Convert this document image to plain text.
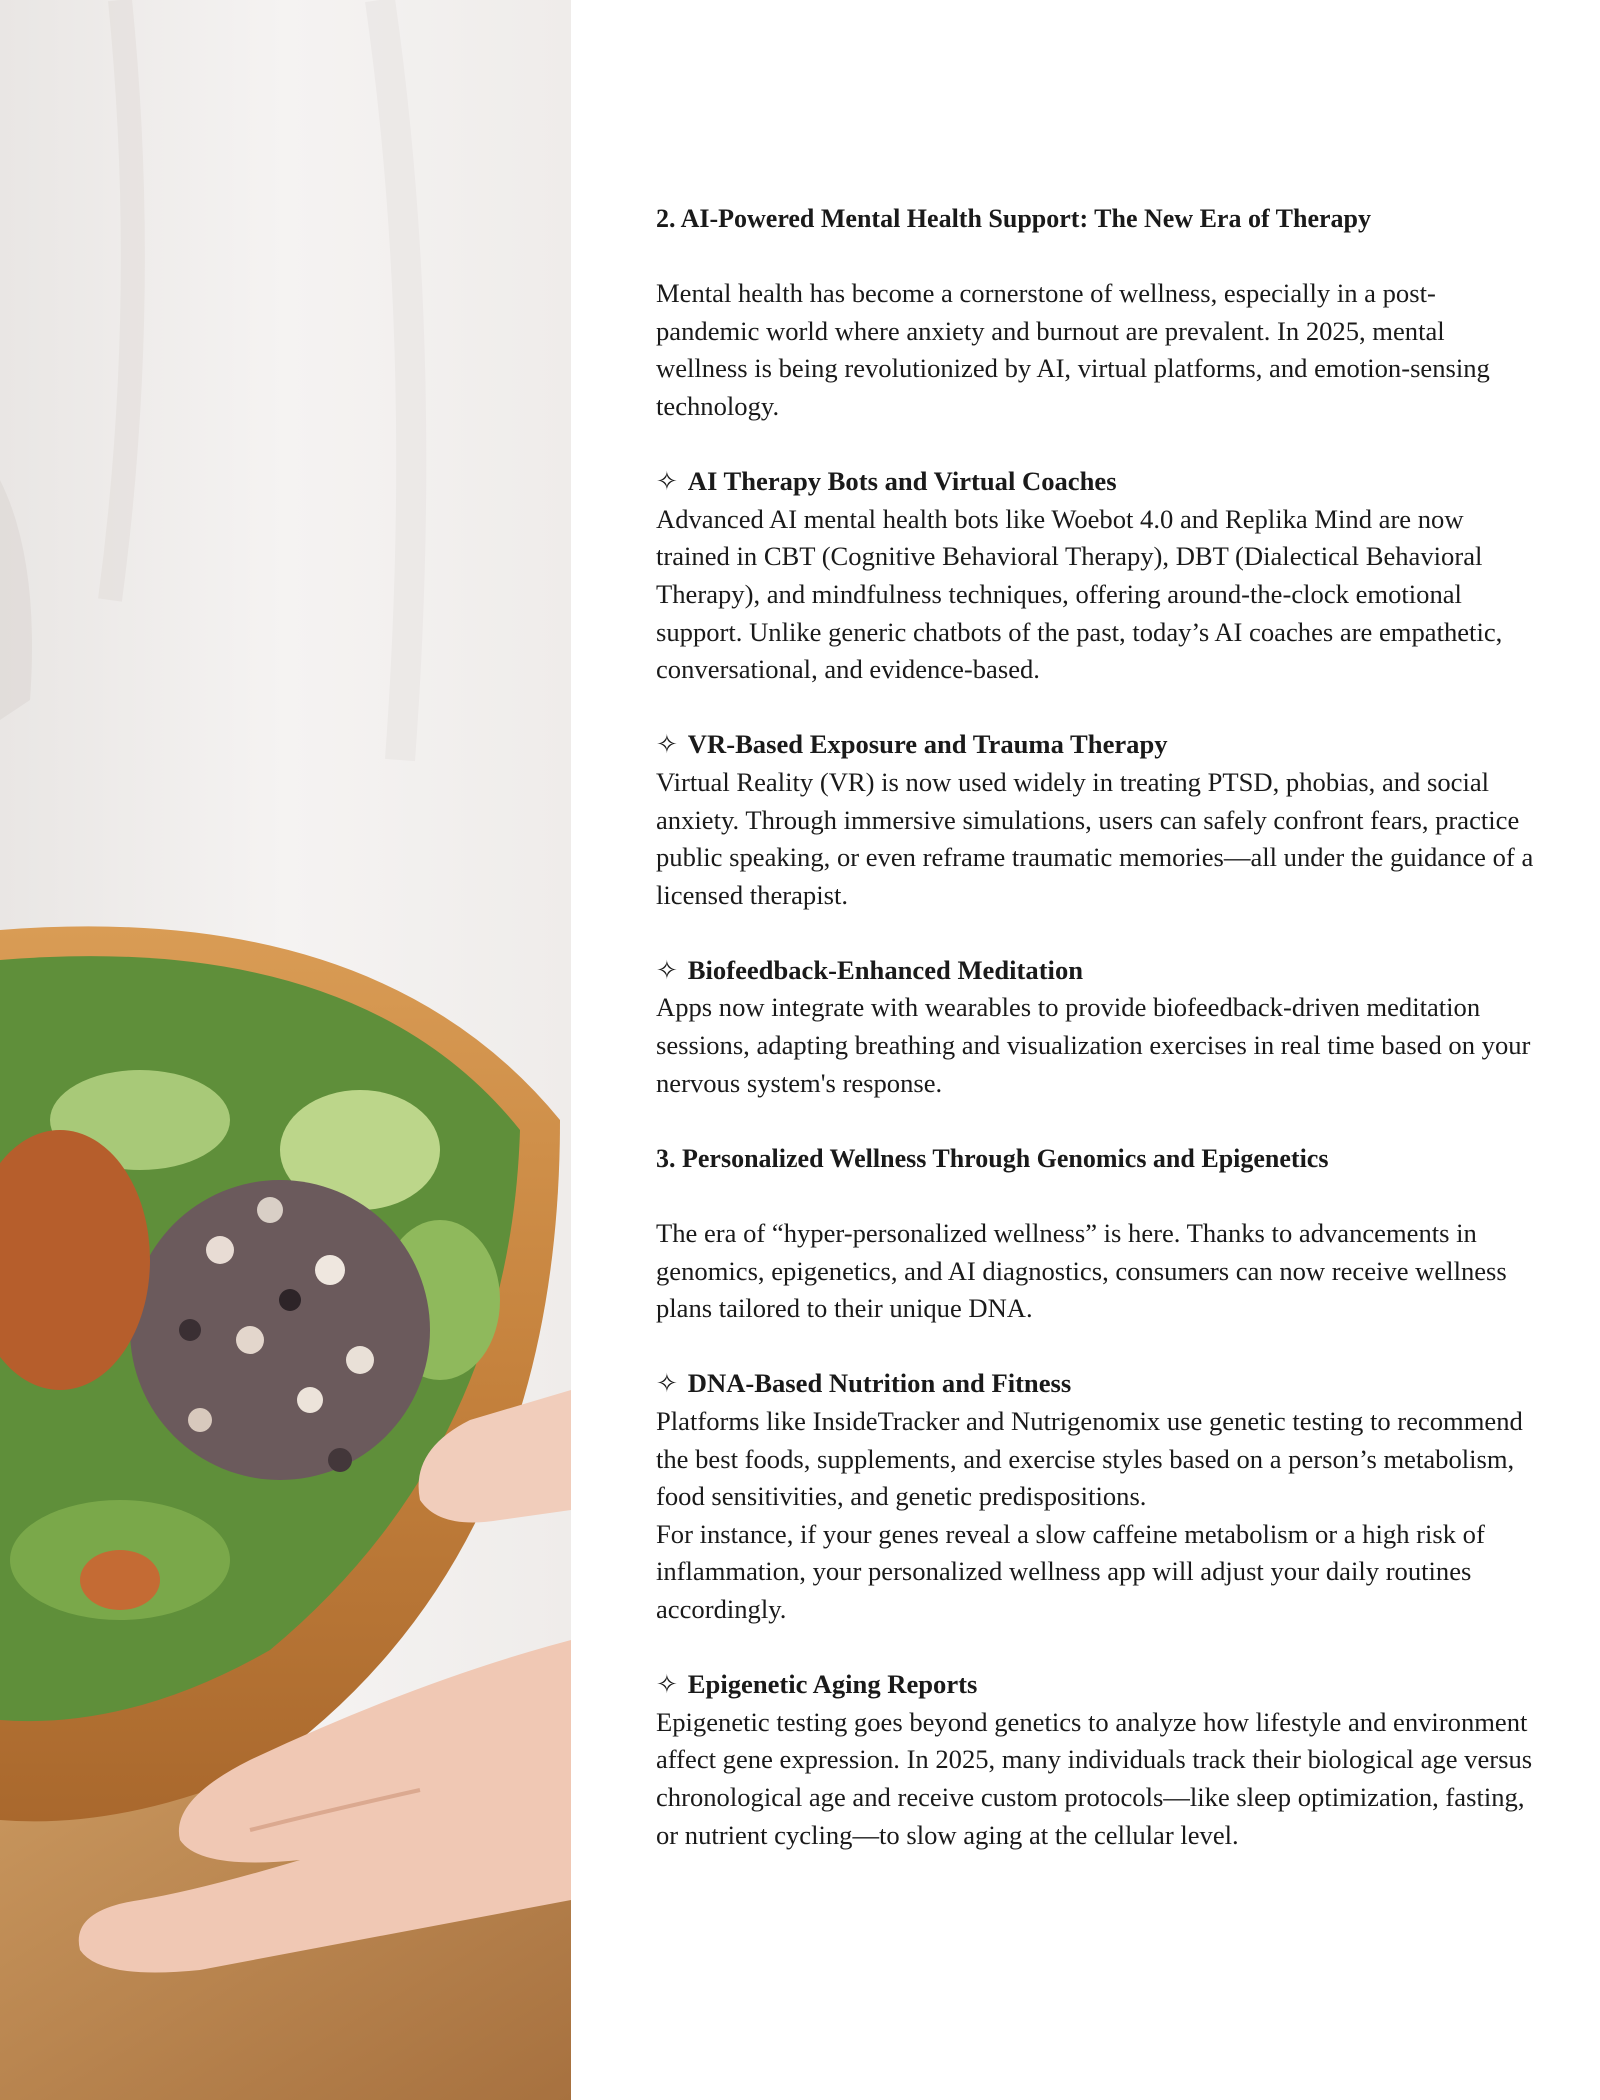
2. AI-Powered Mental Health Support: The New Era of Therapy

Mental health has become a cornerstone of wellness, especially in a post-pandemic world where anxiety and burnout are prevalent. In 2025, mental wellness is being revolutionized by AI, virtual platforms, and emotion-sensing technology.

✧ AI Therapy Bots and Virtual Coaches

Advanced AI mental health bots like Woebot 4.0 and Replika Mind are now trained in CBT (Cognitive Behavioral Therapy), DBT (Dialectical Behavioral Therapy), and mindfulness techniques, offering around-the-clock emotional support. Unlike generic chatbots of the past, today’s AI coaches are empathetic, conversational, and evidence-based.

✧ VR-Based Exposure and Trauma Therapy

Virtual Reality (VR) is now used widely in treating PTSD, phobias, and social anxiety. Through immersive simulations, users can safely confront fears, practice public speaking, or even reframe traumatic memories—all under the guidance of a licensed therapist.

✧ Biofeedback-Enhanced Meditation

Apps now integrate with wearables to provide biofeedback-driven meditation sessions, adapting breathing and visualization exercises in real time based on your nervous system's response.

3. Personalized Wellness Through Genomics and Epigenetics

The era of “hyper-personalized wellness” is here. Thanks to advancements in genomics, epigenetics, and AI diagnostics, consumers can now receive wellness plans tailored to their unique DNA.

✧ DNA-Based Nutrition and Fitness

Platforms like InsideTracker and Nutrigenomix use genetic testing to recommend the best foods, supplements, and exercise styles based on a person’s metabolism, food sensitivities, and genetic predispositions.

For instance, if your genes reveal a slow caffeine metabolism or a high risk of inflammation, your personalized wellness app will adjust your daily routines accordingly.

✧ Epigenetic Aging Reports

Epigenetic testing goes beyond genetics to analyze how lifestyle and environment affect gene expression. In 2025, many individuals track their biological age versus chronological age and receive custom protocols—like sleep optimization, fasting, or nutrient cycling—to slow aging at the cellular level.
